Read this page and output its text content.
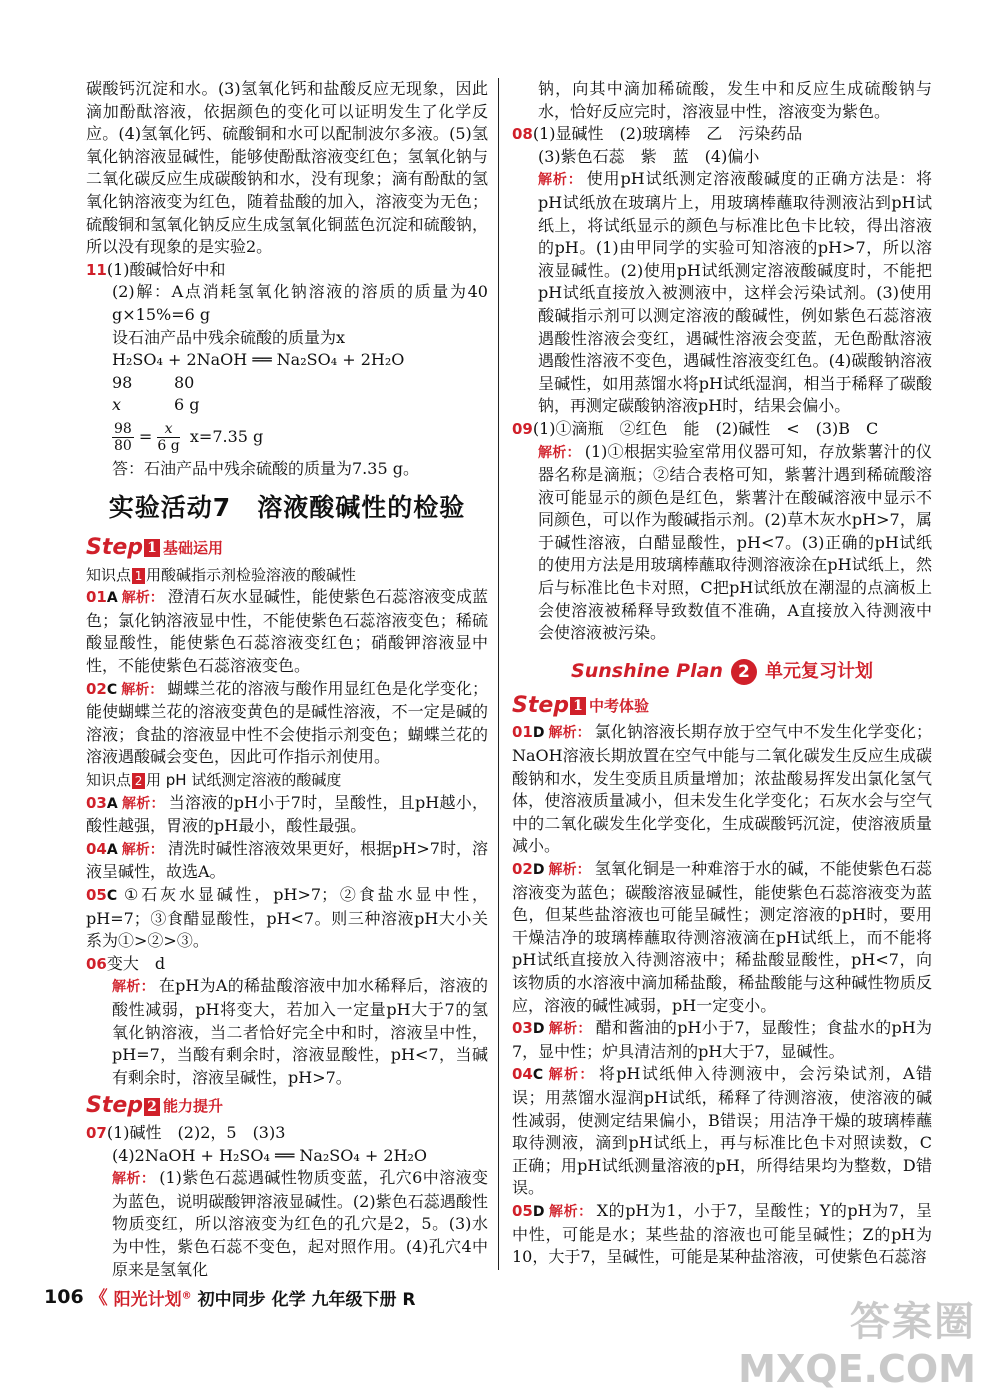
碳酸钙沉淀和水。(3)氢氧化钙和盐酸反应无现象，因此滴加酚酞溶液，依据颜色的变化可以证明发生了化学反应。(4)氢氧化钙、硫酸铜和水可以配制波尔多液。(5)氢氧化钠溶液显碱性，能够使酚酞溶液变红色；氢氧化钠与二氧化碳反应生成碳酸钠和水，没有现象；滴有酚酞的氢氧化钠溶液变为红色，随着盐酸的加入，溶液变为无色；硫酸铜和氢氧化钠反应生成氢氧化铜蓝色沉淀和硫酸钠，所以没有现象的是实验2。
11(1)酸碱恰好中和
(2)解：A点消耗氢氧化钠溶液的溶质的质量为40 g×15%=6 g
设石油产品中残余硫酸的质量为x
H₂SO₄ + 2NaOH ══ Na₂SO₄ + 2H₂O
98	80
x	6 g
$\frac{98}{80} = \frac{x}{6 g} x=7.35$ g
答：石油产品中残余硫酸的质量为7.35 g。
实验活动7　溶液酸碱性的检验
Step 1 基础运用
知识点 1 用酸碱指示剂检验溶液的酸碱性
01A 解析： 澄清石灰水显碱性，能使紫色石蕊溶液变成蓝色；氯化钠溶液显中性，不能使紫色石蕊溶液变色；稀硫酸显酸性，能使紫色石蕊溶液变红色；硝酸钾溶液显中性，不能使紫色石蕊溶液变色。
02C 解析： 蝴蝶兰花的溶液与酸作用显红色是化学变化；能使蝴蝶兰花的溶液变黄色的是碱性溶液，不一定是碱的溶液；食盐的溶液显中性不会使指示剂变色；蝴蝶兰花的溶液遇酸碱会变色，因此可作指示剂使用。
知识点 2 用 pH 试纸测定溶液的酸碱度
03A 解析： 当溶液的pH小于7时，呈酸性，且pH越小，酸性越强，胃液的pH最小，酸性最强。
04A 解析： 清洗时碱性溶液效果更好，根据pH>7时，溶液呈碱性，故选A。
05C ①石灰水显碱性，pH>7；②食盐水显中性，pH=7；③食醋显酸性，pH<7。则三种溶液pH大小关系为①>②>③。
06变大　d
解析： 在pH为A的稀盐酸溶液中加水稀释后，溶液的酸性减弱，pH将变大，若加入一定量pH大于7的氢氧化钠溶液，当二者恰好完全中和时，溶液呈中性，pH=7，当酸有剩余时，溶液显酸性，pH<7，当碱有剩余时，溶液呈碱性，pH>7。
Step 2 能力提升
07(1)碱性　(2)2，5　(3)3
(4)2NaOH + H₂SO₄ ══ Na₂SO₄ + 2H₂O
解析： (1)紫色石蕊遇碱性物质变蓝，孔穴6中溶液变为蓝色，说明碳酸钾溶液显碱性。(2)紫色石蕊遇酸性物质变红，所以溶液变为红色的孔穴是2，5。(3)水为中性，紫色石蕊不变色，起对照作用。(4)孔穴4中原来是氢氧化
钠，向其中滴加稀硫酸，发生中和反应生成硫酸钠与水，恰好反应完时，溶液显中性，溶液变为紫色。
08(1)显碱性　(2)玻璃棒　乙　污染药品
(3)紫色石蕊　紫　蓝　(4)偏小
解析： 使用pH试纸测定溶液酸碱度的正确方法是：将pH试纸放在玻璃片上，用玻璃棒蘸取待测液沾到pH试纸上，将试纸显示的颜色与标准比色卡比较，得出溶液的pH。(1)由甲同学的实验可知溶液的pH>7，所以溶液显碱性。(2)使用pH试纸测定溶液酸碱度时，不能把pH试纸直接放入被测液中，这样会污染试剂。(3)使用酸碱指示剂可以测定溶液的酸碱性，例如紫色石蕊溶液遇酸性溶液会变红，遇碱性溶液会变蓝，无色酚酞溶液遇酸性溶液不变色，遇碱性溶液变红色。(4)碳酸钠溶液呈碱性，如用蒸馏水将pH试纸湿润，相当于稀释了碳酸钠，再测定碳酸钠溶液pH时，结果会偏小。
09(1)①滴瓶　②红色　能　(2)碱性　<　(3)B　C
解析： (1)①根据实验室常用仪器可知，存放紫薯汁的仪器名称是滴瓶；②结合表格可知，紫薯汁遇到稀硫酸溶液可能显示的颜色是红色，紫薯汁在酸碱溶液中显示不同颜色，可以作为酸碱指示剂。(2)草木灰水pH>7，属于碱性溶液，白醋显酸性，pH<7。(3)正确的pH试纸的使用方法是用玻璃棒蘸取待测溶液涂在pH试纸上，然后与标准比色卡对照，C把pH试纸放在潮湿的点滴板上会使溶液被稀释导致数值不准确，A直接放入待测液中会使溶液被污染。
Sunshine Plan 2 单元复习计划
Step 1 中考体验
01D 解析： 氯化钠溶液长期存放于空气中不发生化学变化；NaOH溶液长期放置在空气中能与二氧化碳发生反应生成碳酸钠和水，发生变质且质量增加；浓盐酸易挥发出氯化氢气体，使溶液质量减小，但未发生化学变化；石灰水会与空气中的二氧化碳发生化学变化，生成碳酸钙沉淀，使溶液质量减小。
02D 解析： 氢氧化铜是一种难溶于水的碱，不能使紫色石蕊溶液变为蓝色；碳酸溶液显碱性，能使紫色石蕊溶液变为蓝色，但某些盐溶液也可能呈碱性；测定溶液的pH时，要用干燥洁净的玻璃棒蘸取待测溶液滴在pH试纸上，而不能将pH试纸直接放入待测溶液中；稀盐酸显酸性，pH<7，向该物质的水溶液中滴加稀盐酸，稀盐酸能与这种碱性物质反应，溶液的碱性减弱，pH一定变小。
03D 解析： 醋和酱油的pH小于7，显酸性；食盐水的pH为7，显中性；炉具清洁剂的pH大于7，显碱性。
04C 解析： 将pH试纸伸入待测液中，会污染试剂，A错误；用蒸馏水湿润pH试纸，稀释了待测溶液，使溶液的碱性减弱，使测定结果偏小，B错误；用洁净干燥的玻璃棒蘸取待测液，滴到pH试纸上，再与标准比色卡对照读数，C正确；用pH试纸测量溶液的pH，所得结果均为整数，D错误。
05D 解析： X的pH为1，小于7，呈酸性；Y的pH为7，呈中性，可能是水；某些盐的溶液也可能呈碱性；Z的pH为10，大于7，呈碱性，可能是某种盐溶液，可使紫色石蕊溶
106 《 阳光计划® 初中同步 化学 九年级下册 R	答案圈
MXQE.COM
